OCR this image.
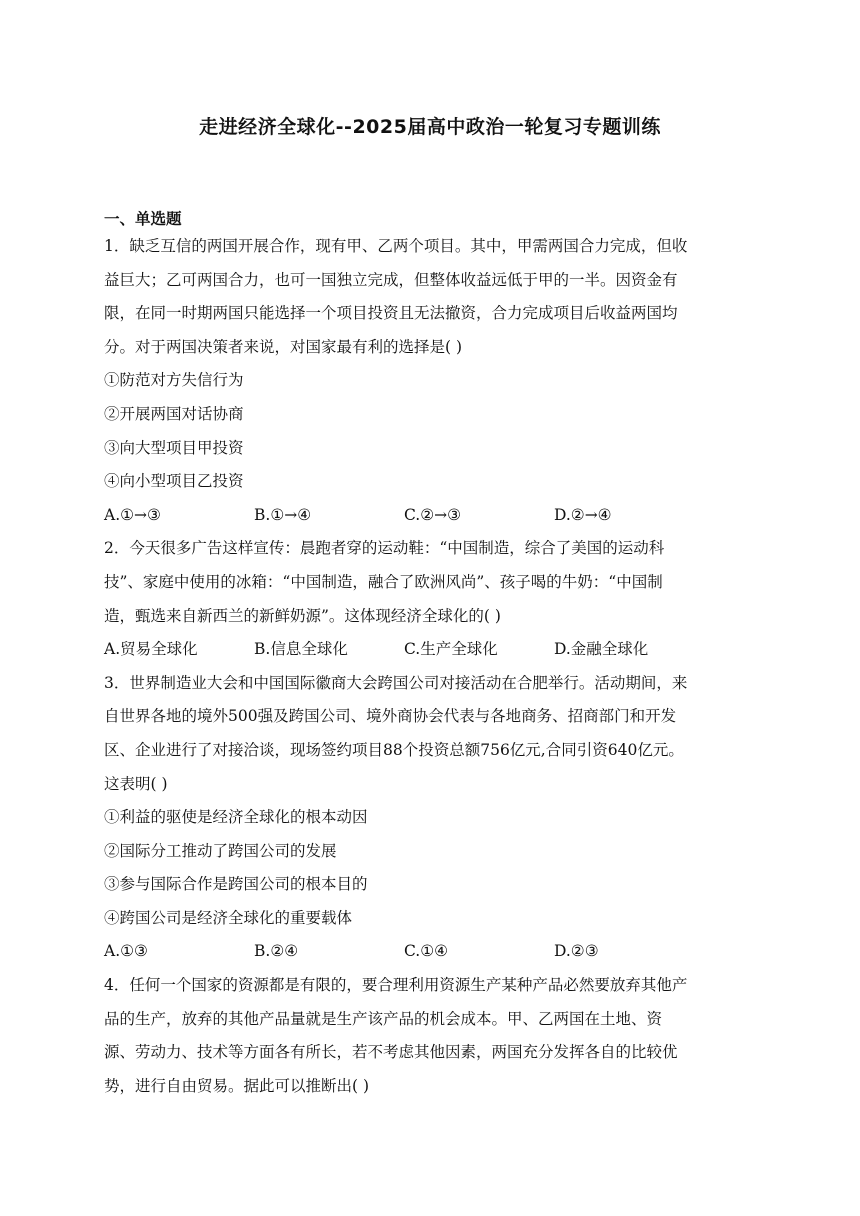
走进经济全球化--2025届高中政治一轮复习专题训练

一、单选题

1．缺乏互信的两国开展合作，现有甲、乙两个项目。其中，甲需两国合力完成，但收

益巨大；乙可两国合力，也可一国独立完成，但整体收益远低于甲的一半。因资金有

限，在同一时期两国只能选择一个项目投资且无法撤资，合力完成项目后收益两国均

分。对于两国决策者来说，对国家最有利的选择是( )

①防范对方失信行为

②开展两国对话协商

③向大型项目甲投资

④向小型项目乙投资

A.①→③	B.①→④	C.②→③	D.②→④

2．今天很多广告这样宣传：晨跑者穿的运动鞋：“中国制造，综合了美国的运动科

技”、家庭中使用的冰箱：“中国制造，融合了欧洲风尚”、孩子喝的牛奶：“中国制

造，甄选来自新西兰的新鲜奶源”。这体现经济全球化的( )

A.贸易全球化	B.信息全球化	C.生产全球化	D.金融全球化

3．世界制造业大会和中国国际徽商大会跨国公司对接活动在合肥举行。活动期间，来

自世界各地的境外500强及跨国公司、境外商协会代表与各地商务、招商部门和开发

区、企业进行了对接洽谈，现场签约项目88个投资总额756亿元,合同引资640亿元。

这表明( )

①利益的驱使是经济全球化的根本动因

②国际分工推动了跨国公司的发展

③参与国际合作是跨国公司的根本目的

④跨国公司是经济全球化的重要载体

A.①③	B.②④	C.①④	D.②③

4．任何一个国家的资源都是有限的，要合理利用资源生产某种产品必然要放弃其他产

品的生产，放弃的其他产品量就是生产该产品的机会成本。甲、乙两国在土地、资

源、劳动力、技术等方面各有所长，若不考虑其他因素，两国充分发挥各自的比较优

势，进行自由贸易。据此可以推断出( )
